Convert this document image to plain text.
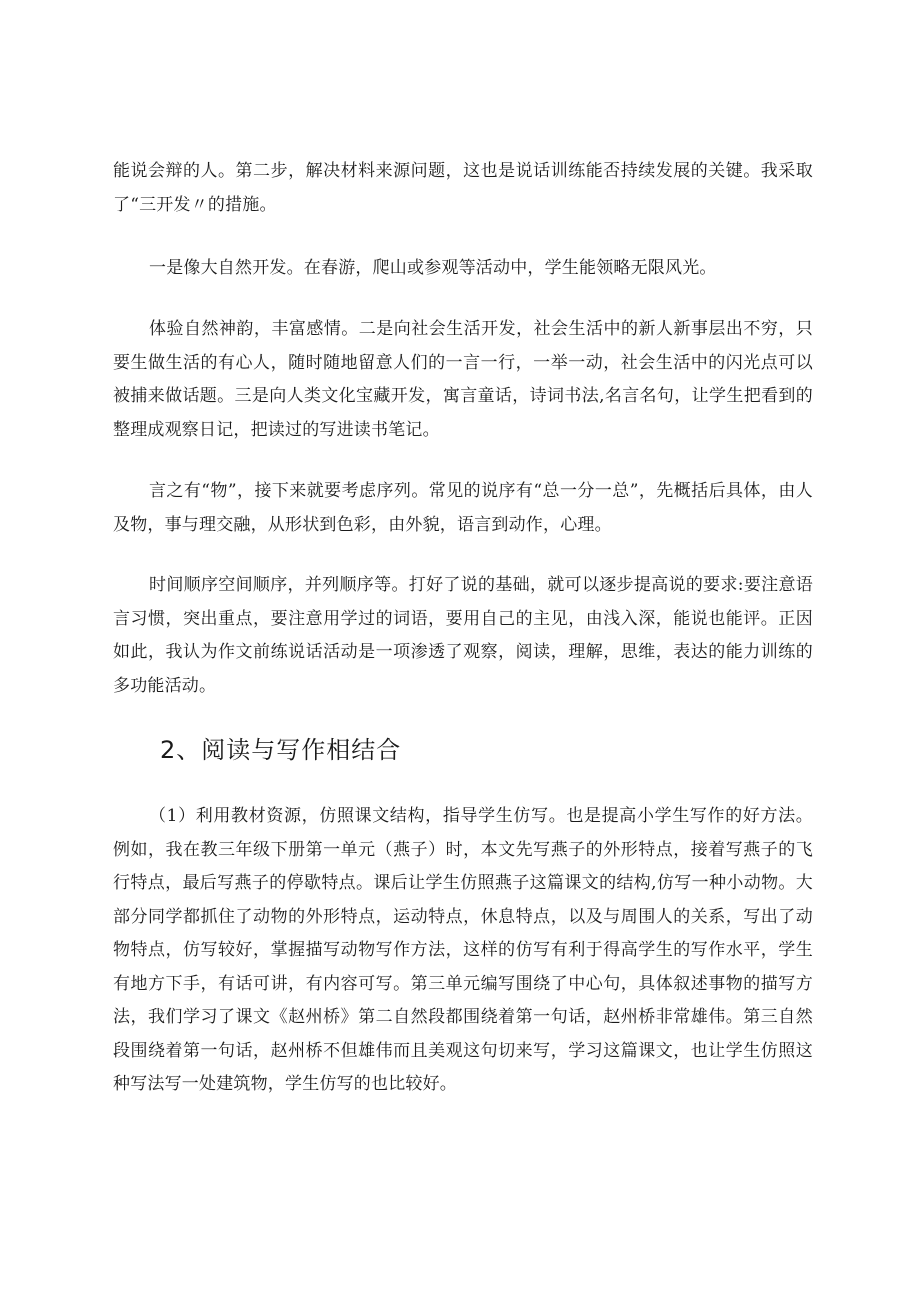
能说会辩的人。第二步，解决材料来源问题，这也是说话训练能否持续发展的关键。我采取了“三开发〃的措施。

一是像大自然开发。在春游，爬山或参观等活动中，学生能领略无限风光。

体验自然神韵，丰富感情。二是向社会生活开发，社会生活中的新人新事层出不穷，只要生做生活的有心人，随时随地留意人们的一言一行，一举一动，社会生活中的闪光点可以被捕来做话题。三是向人类文化宝藏开发，寓言童话，诗词书法,名言名句，让学生把看到的整理成观察日记，把读过的写进读书笔记。

言之有“物”，接下来就要考虑序列。常见的说序有“总一分一总”，先概括后具体，由人及物，事与理交融，从形状到色彩，由外貌，语言到动作，心理。

时间顺序空间顺序，并列顺序等。打好了说的基础，就可以逐步提高说的要求:要注意语言习惯，突出重点，要注意用学过的词语，要用自己的主见，由浅入深，能说也能评。正因如此，我认为作文前练说话活动是一项渗透了观察，阅读，理解，思维，表达的能力训练的多功能活动。

2、阅读与写作相结合

（1）利用教材资源，仿照课文结构，指导学生仿写。也是提高小学生写作的好方法。例如，我在教三年级下册第一单元（燕子）时，本文先写燕子的外形特点，接着写燕子的飞行特点，最后写燕子的停歇特点。课后让学生仿照燕子这篇课文的结构,仿写一种小动物。大部分同学都抓住了动物的外形特点，运动特点，休息特点，以及与周围人的关系，写出了动物特点，仿写较好，掌握描写动物写作方法，这样的仿写有利于得高学生的写作水平，学生有地方下手，有话可讲，有内容可写。第三单元编写围绕了中心句，具体叙述事物的描写方法，我们学习了课文《赵州桥》第二自然段都围绕着第一句话，赵州桥非常雄伟。第三自然段围绕着第一句话，赵州桥不但雄伟而且美观这句切来写，学习这篇课文，也让学生仿照这种写法写一处建筑物，学生仿写的也比较好。
